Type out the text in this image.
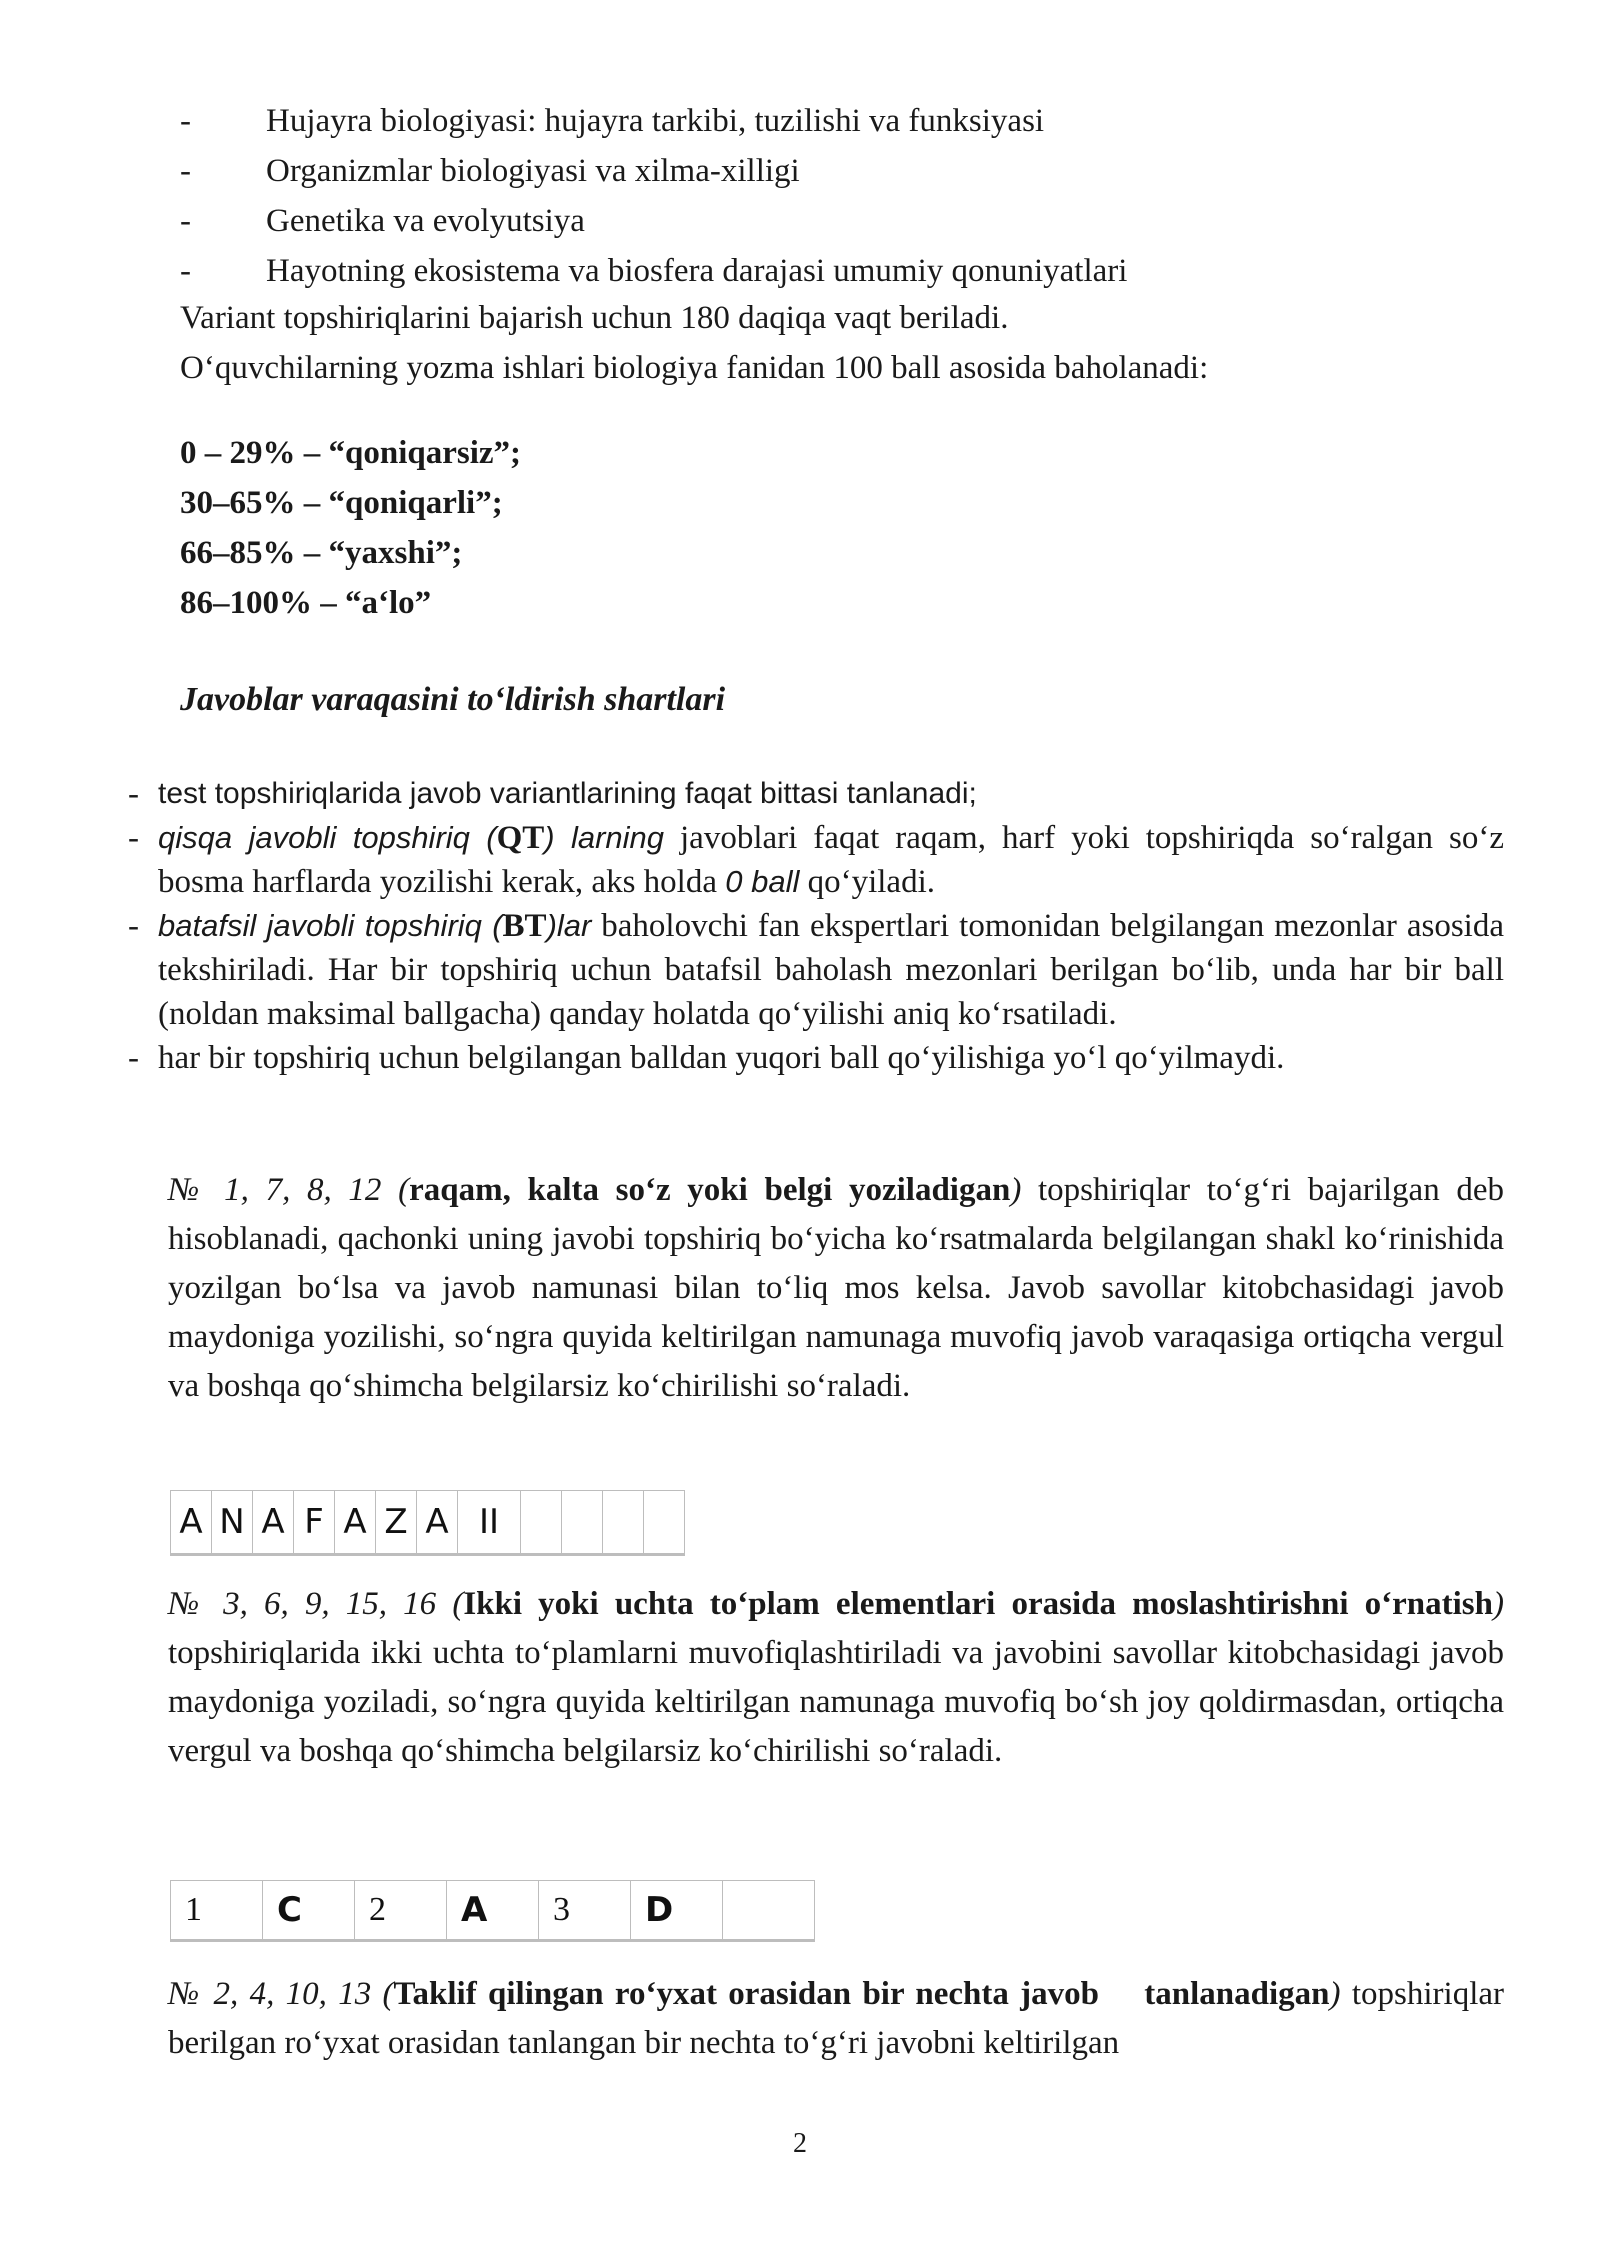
-	Hujayra biologiyasi: hujayra tarkibi, tuzilishi va funksiyasi
-	Organizmlar biologiyasi va xilma-xilligi
-	Genetika va evolyutsiya
-	Hayotning ekosistema va biosfera darajasi umumiy qonuniyatlari
Variant topshiriqlarini bajarish uchun 180 daqiqa vaqt beriladi.
O‘quvchilarning yozma ishlari biologiya fanidan 100 ball asosida baholanadi:
0 – 29% – “qoniqarsiz”;
30–65% – “qoniqarli”;
66–85% – “yaxshi”;
86–100% – “a‘lo”
Javoblar varaqasini to‘ldirish shartlari
- test topshiriqlarida javob variantlarining faqat bittasi tanlanadi;
- qisqa javobli topshiriq (QT) larning javoblari faqat raqam, harf yoki topshiriqda so‘ralgan so‘z bosma harflarda yozilishi kerak, aks holda 0 ball qo‘yiladi.
- batafsil javobli topshiriq (BT)lar baholovchi fan ekspertlari tomonidan belgilangan mezonlar asosida tekshiriladi. Har bir topshiriq uchun batafsil baholash mezonlari berilgan bo‘lib, unda har bir ball (noldan maksimal ballgacha) qanday holatda qo‘yilishi aniq ko‘rsatiladi.
- har bir topshiriq uchun belgilangan balldan yuqori ball qo‘yilishiga yo‘l qo‘yilmaydi.
№ 1, 7, 8, 12 (raqam, kalta so‘z yoki belgi yoziladigan) topshiriqlar to‘g‘ri bajarilgan deb hisoblanadi, qachonki uning javobi topshiriq bo‘yicha ko‘rsatmalarda belgilangan shakl ko‘rinishida yozilgan bo‘lsa va javob namunasi bilan to‘liq mos kelsa. Javob savollar kitobchasidagi javob maydoniga yozilishi, so‘ngra quyida keltirilgan namunaga muvofiq javob varaqasiga ortiqcha vergul va boshqa qo‘shimcha belgilarsiz ko‘chirilishi so‘raladi.
A	N	A	F	A	Z	A	II				
№ 3, 6, 9, 15, 16 (Ikki yoki uchta to‘plam elementlari orasida moslashtirishni o‘rnatish) topshiriqlarida ikki uchta to‘plamlarni muvofiqlashtiriladi va javobini savollar kitobchasidagi javob maydoniga yoziladi, so‘ngra quyida keltirilgan namunaga muvofiq bo‘sh joy qoldirmasdan, ortiqcha vergul va boshqa qo‘shimcha belgilarsiz ko‘chirilishi so‘raladi.
1	C	2	A	3	D	
№ 2, 4, 10, 13 (Taklif qilingan ro‘yxat orasidan bir nechta javob    tanlanadigan) topshiriqlar berilgan ro‘yxat orasidan tanlangan bir nechta to‘g‘ri javobni keltirilgan
2
